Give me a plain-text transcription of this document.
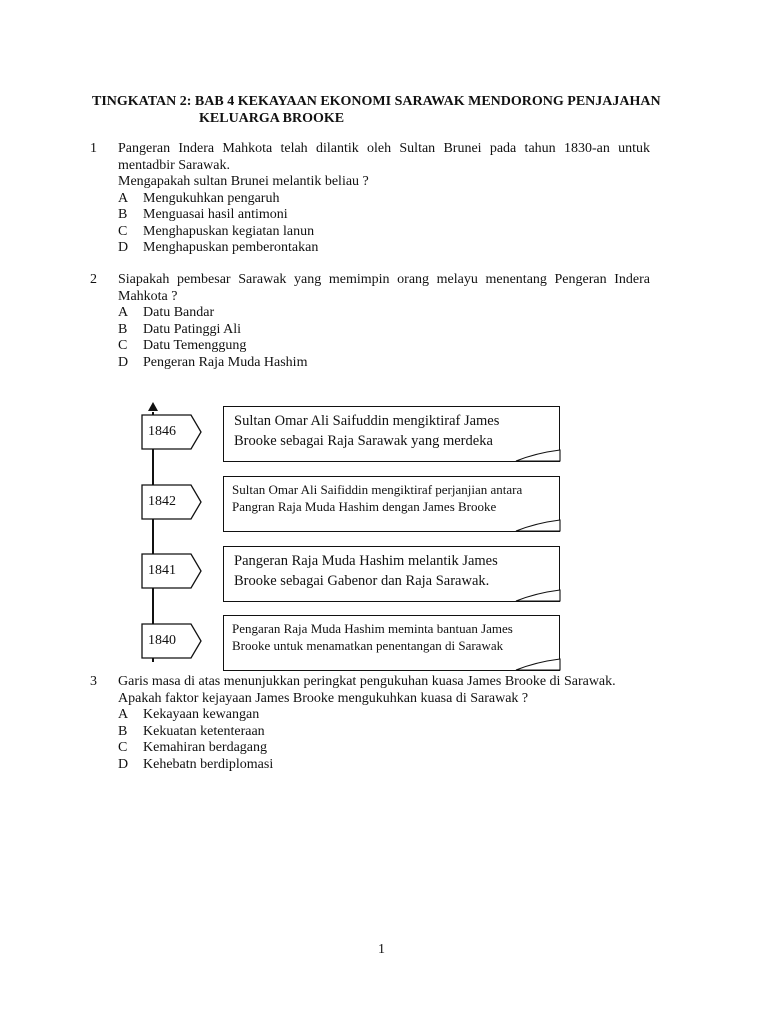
TINGKATAN 2: BAB 4 KEKAYAAN EKONOMI SARAWAK MENDORONG PENJAJAHAN
KELUARGA BROOKE
1 Pangeran Indera Mahkota telah dilantik oleh Sultan Brunei pada tahun 1830-an untuk mentadbir Sarawak.
Mengapakah sultan Brunei melantik beliau ?
A	Mengukuhkan pengaruh
B	Menguasai hasil antimoni
C	Menghapuskan kegiatan lanun
D	Menghapuskan pemberontakan
2 Siapakah pembesar Sarawak yang memimpin orang melayu menentang Pengeran Indera Mahkota ?
A	Datu Bandar
B	Datu Patinggi Ali
C	Datu Temenggung
D	Pengeran Raja Muda Hashim
1846
Sultan Omar Ali Saifuddin mengiktiraf James
Brooke sebagai Raja Sarawak yang merdeka
1842
Sultan Omar Ali Saifiddin mengiktiraf perjanjian antara
Pangran Raja Muda Hashim dengan James Brooke
1841
Pangeran Raja Muda Hashim melantik James
Brooke sebagai Gabenor dan Raja Sarawak.
1840
Pengaran Raja Muda Hashim meminta bantuan James
Brooke untuk menamatkan penentangan di Sarawak
3 Garis masa di atas menunjukkan peringkat pengukuhan kuasa James Brooke di Sarawak.
Apakah faktor kejayaan James Brooke mengukuhkan kuasa di Sarawak ?
A	Kekayaan kewangan
B	Kekuatan ketenteraan
C	Kemahiran berdagang
D	Kehebatn berdiplomasi
1
